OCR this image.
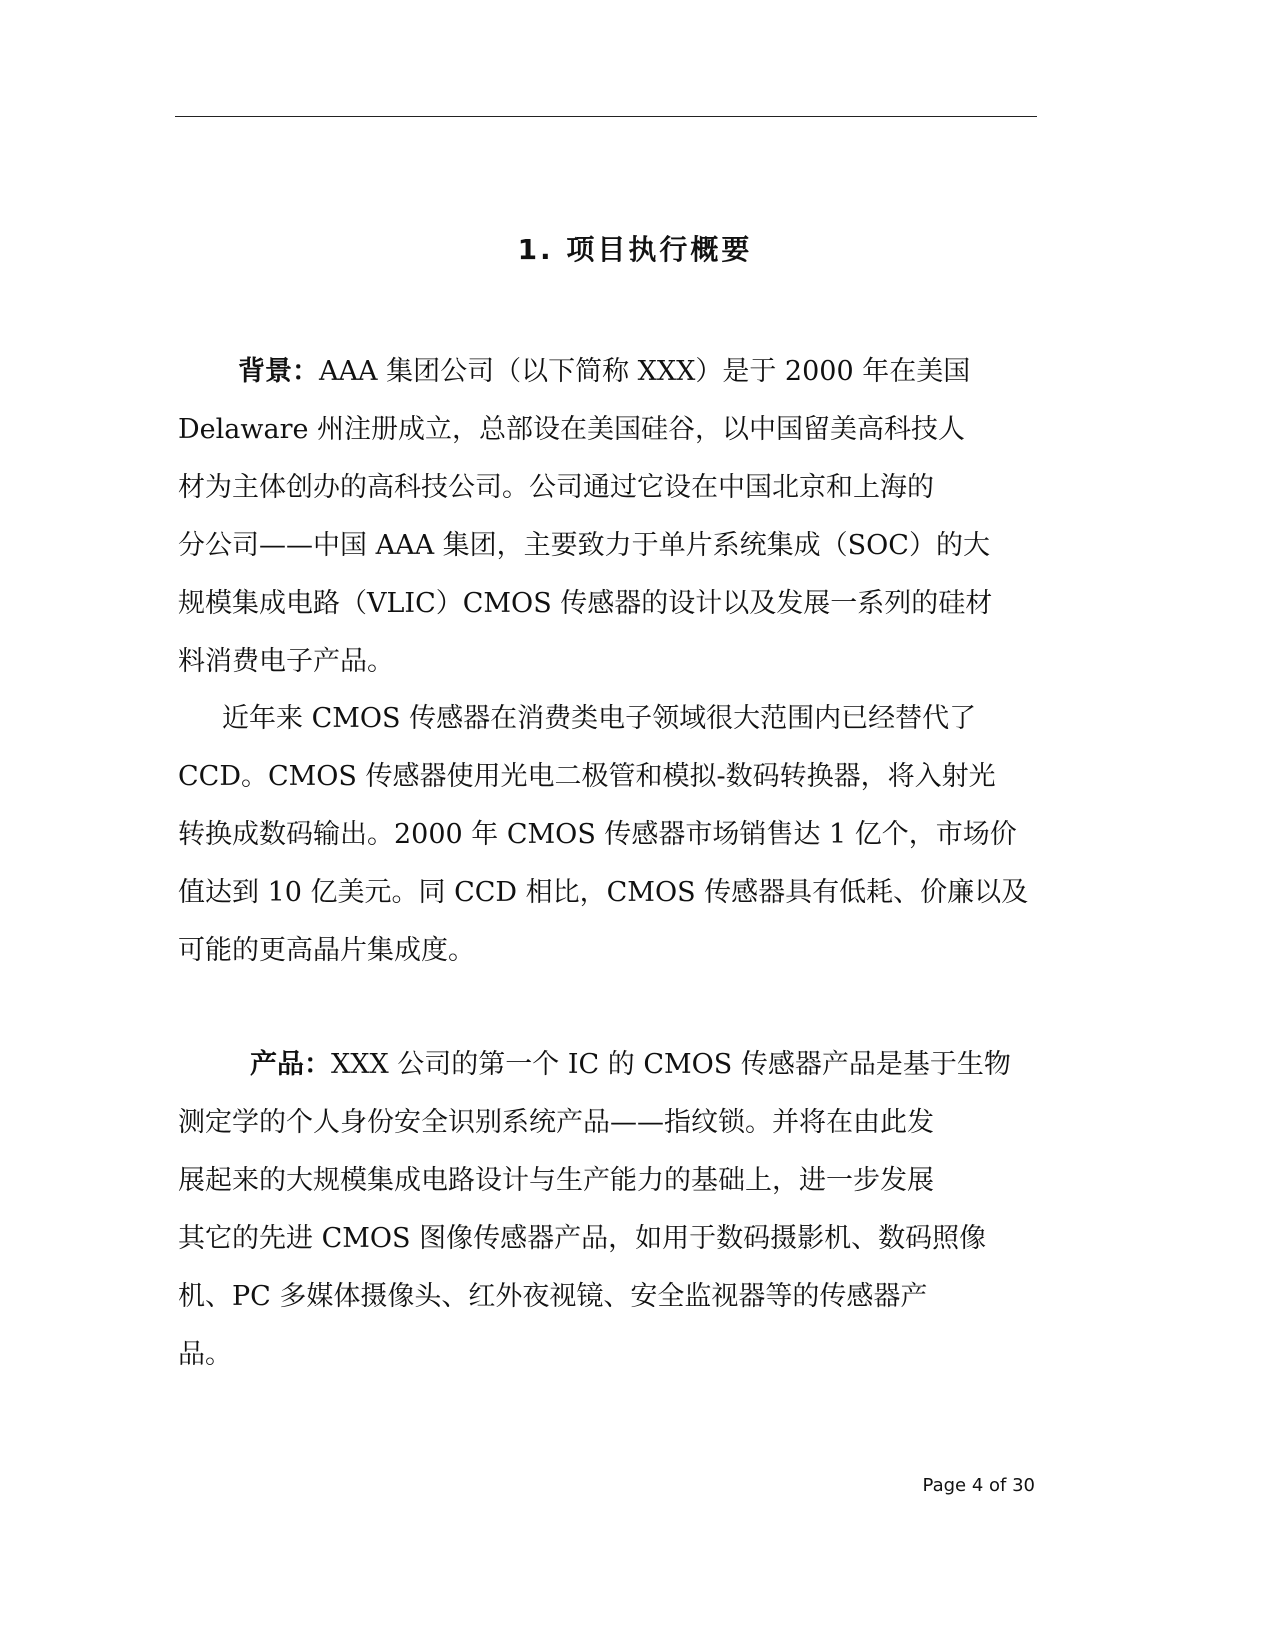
1. 项目执行概要

背景：AAA 集团公司（以下简称 XXX）是于 2000 年在美国

Delaware 州注册成立，总部设在美国硅谷，以中国留美高科技人

材为主体创办的高科技公司。公司通过它设在中国北京和上海的

分公司——中国 AAA 集团，主要致力于单片系统集成（SOC）的大

规模集成电路（VLIC）CMOS 传感器的设计以及发展一系列的硅材

料消费电子产品。

近年来 CMOS 传感器在消费类电子领域很大范围内已经替代了

CCD。CMOS 传感器使用光电二极管和模拟-数码转换器，将入射光

转换成数码输出。2000 年 CMOS 传感器市场销售达 1 亿个，市场价

值达到 10 亿美元。同 CCD 相比，CMOS 传感器具有低耗、价廉以及

可能的更高晶片集成度。

产品：XXX 公司的第一个 IC 的 CMOS 传感器产品是基于生物

测定学的个人身份安全识别系统产品——指纹锁。并将在由此发

展起来的大规模集成电路设计与生产能力的基础上，进一步发展

其它的先进 CMOS 图像传感器产品，如用于数码摄影机、数码照像

机、PC 多媒体摄像头、红外夜视镜、安全监视器等的传感器产

品。

Page 4 of 30
